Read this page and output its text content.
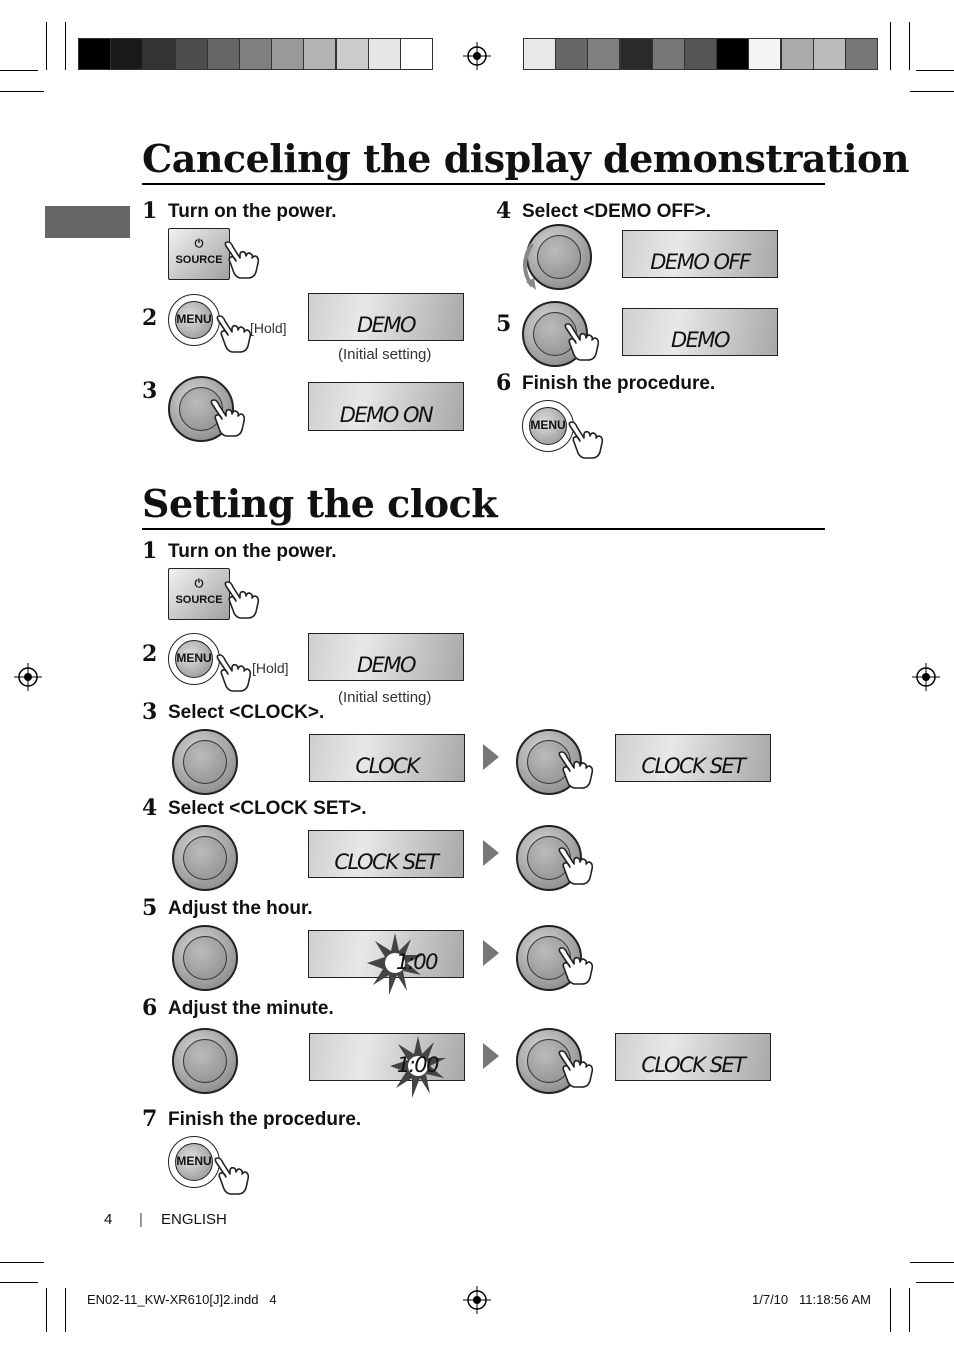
Canceling the display demonstration
1 Turn on the power.
⏻
SOURCE
2	MENU
[Hold]	DEMO
(Initial setting)
3
DEMO ON
4 Select <DEMO OFF>.
DEMO OFF
5
DEMO
6 Finish the procedure.
MENU
Setting the clock
1 Turn on the power.
⏻
SOURCE
2	MENU
[Hold]	DEMO
(Initial setting)
3 Select <CLOCK>.
CLOCK	CLOCK SET
4 Select <CLOCK SET>.
CLOCK SET
5 Adjust the hour.
1:00
6 Adjust the minute.
1:00	CLOCK SET
7 Finish the procedure.
MENU
4 | ENGLISH
EN02-11_KW-XR610[J]2.indd   4	1/7/10   11:18:56 AM
